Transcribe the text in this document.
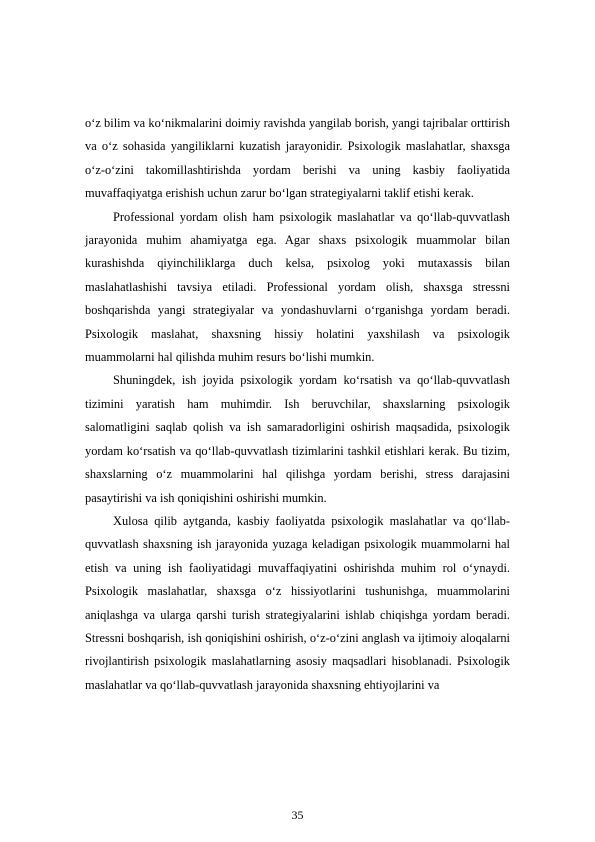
o‘z bilim va ko‘nikmalarini doimiy ravishda yangilab borish, yangi tajribalar orttirish va o‘z sohasida yangiliklarni kuzatish jarayonidir. Psixologik maslahatlar, shaxsga o‘z-o‘zini takomillashtirishda yordam berishi va uning kasbiy faoliyatida muvaffaqiyatga erishish uchun zarur bo‘lgan strategiyalarni taklif etishi kerak.

Professional yordam olish ham psixologik maslahatlar va qo‘llab-quvvatlash jarayonida muhim ahamiyatga ega. Agar shaxs psixologik muammolar bilan kurashishda qiyinchiliklarga duch kelsa, psixolog yoki mutaxassis bilan maslahatlashishi tavsiya etiladi. Professional yordam olish, shaxsga stressni boshqarishda yangi strategiyalar va yondashuvlarni o‘rganishga yordam beradi. Psixologik maslahat, shaxsning hissiy holatini yaxshilash va psixologik muammolarni hal qilishda muhim resurs bo‘lishi mumkin.

Shuningdek, ish joyida psixologik yordam ko‘rsatish va qo‘llab-quvvatlash tizimini yaratish ham muhimdir. Ish beruvchilar, shaxslarning psixologik salomatligini saqlab qolish va ish samaradorligini oshirish maqsadida, psixologik yordam ko‘rsatish va qo‘llab-quvvatlash tizimlarini tashkil etishlari kerak. Bu tizim, shaxslarning o‘z muammolarini hal qilishga yordam berishi, stress darajasini pasaytirishi va ish qoniqishini oshirishi mumkin.

Xulosa qilib aytganda, kasbiy faoliyatda psixologik maslahatlar va qo‘llab-quvvatlash shaxsning ish jarayonida yuzaga keladigan psixologik muammolarni hal etish va uning ish faoliyatidagi muvaffaqiyatini oshirishda muhim rol o‘ynaydi. Psixologik maslahatlar, shaxsga o‘z hissiyotlarini tushunishga, muammolarini aniqlashga va ularga qarshi turish strategiyalarini ishlab chiqishga yordam beradi. Stressni boshqarish, ish qoniqishini oshirish, o‘z-o‘zini anglash va ijtimoiy aloqalarni rivojlantirish psixologik maslahatlarning asosiy maqsadlari hisoblanadi. Psixologik maslahatlar va qo‘llab-quvvatlash jarayonida shaxsning ehtiyojlarini va

35
